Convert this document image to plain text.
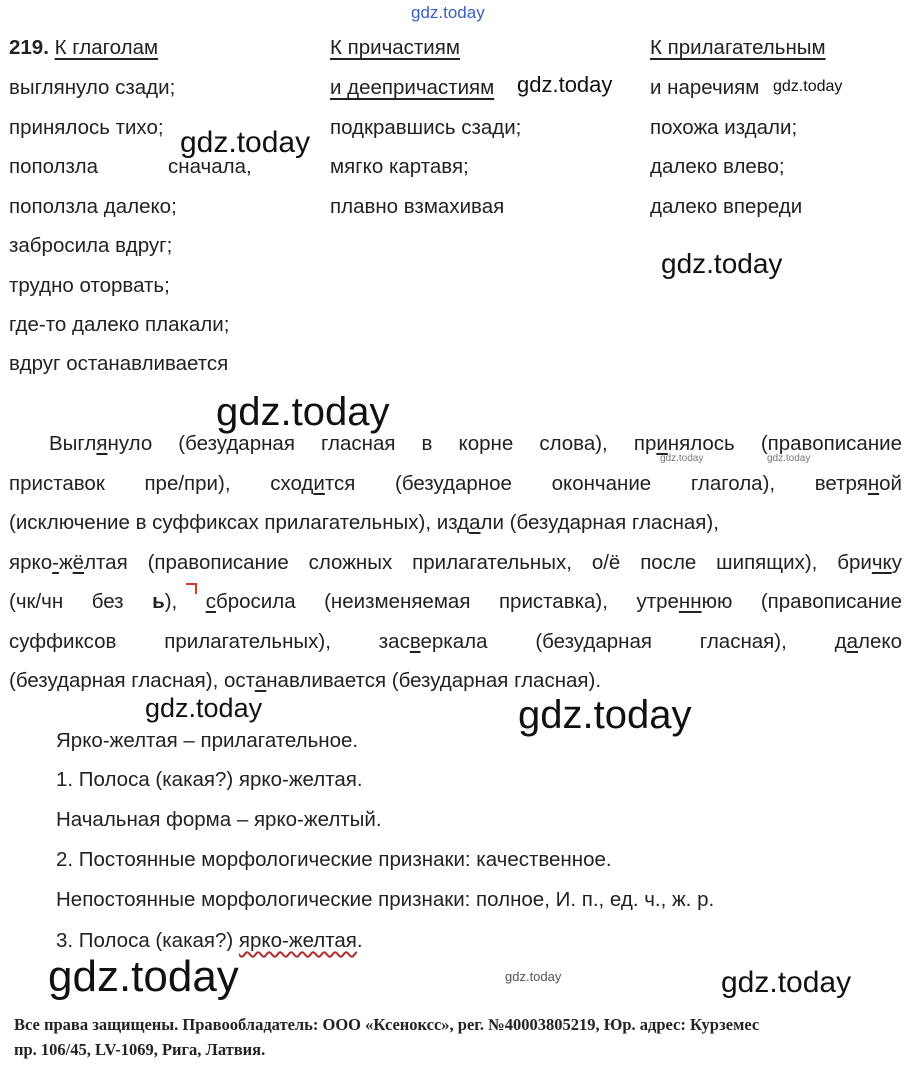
gdz.today
219. К глаголам
выглянуло сзади;
принялось тихо;
поползла	сначала,
поползла далеко;
забросила вдруг;
трудно оторвать;
где-то далеко плакали;
вдруг останавливается
К причастиям
и деепричастиям
подкравшись сзади;
мягко картавя;
плавно взмахивая
К прилагательным
и наречиям
похожа издали;
далеко влево;
далеко впереди
gdz.today	gdz.today
gdz.today
gdz.today
gdz.today
Выглянуло (безударная гласная в корне слова), принялось (правописание
приставок пре/при), сходится (безударное окончание глагола), ветряной
(исключение в суффиксах прилагательных), издали (безударная гласная),
ярко-жёлтая (правописание сложных прилагательных, о/ё после шипящих), бричку
(чк/чн без ь), сбросила (неизменяемая приставка), утреннюю (правописание
суффиксов прилагательных), засверкала (безударная гласная), далеко
(безударная гласная), останавливается (безударная гласная).
gdz.today	gdz.today
gdz.today	gdz.today
Ярко-желтая – прилагательное.
1. Полоса (какая?) ярко-желтая.
Начальная форма – ярко-желтый.
2. Постоянные морфологические признаки: качественное.
Непостоянные морфологические признаки: полное, И. п., ед. ч., ж. р.
3. Полоса (какая?) ярко-желтая.
gdz.today	gdz.today	gdz.today
Все права защищены. Правообладатель: ООО «Ксеноксс», рег. №40003805219, Юр. адрес: Курземес
пр. 106/45, LV-1069, Рига, Латвия.
